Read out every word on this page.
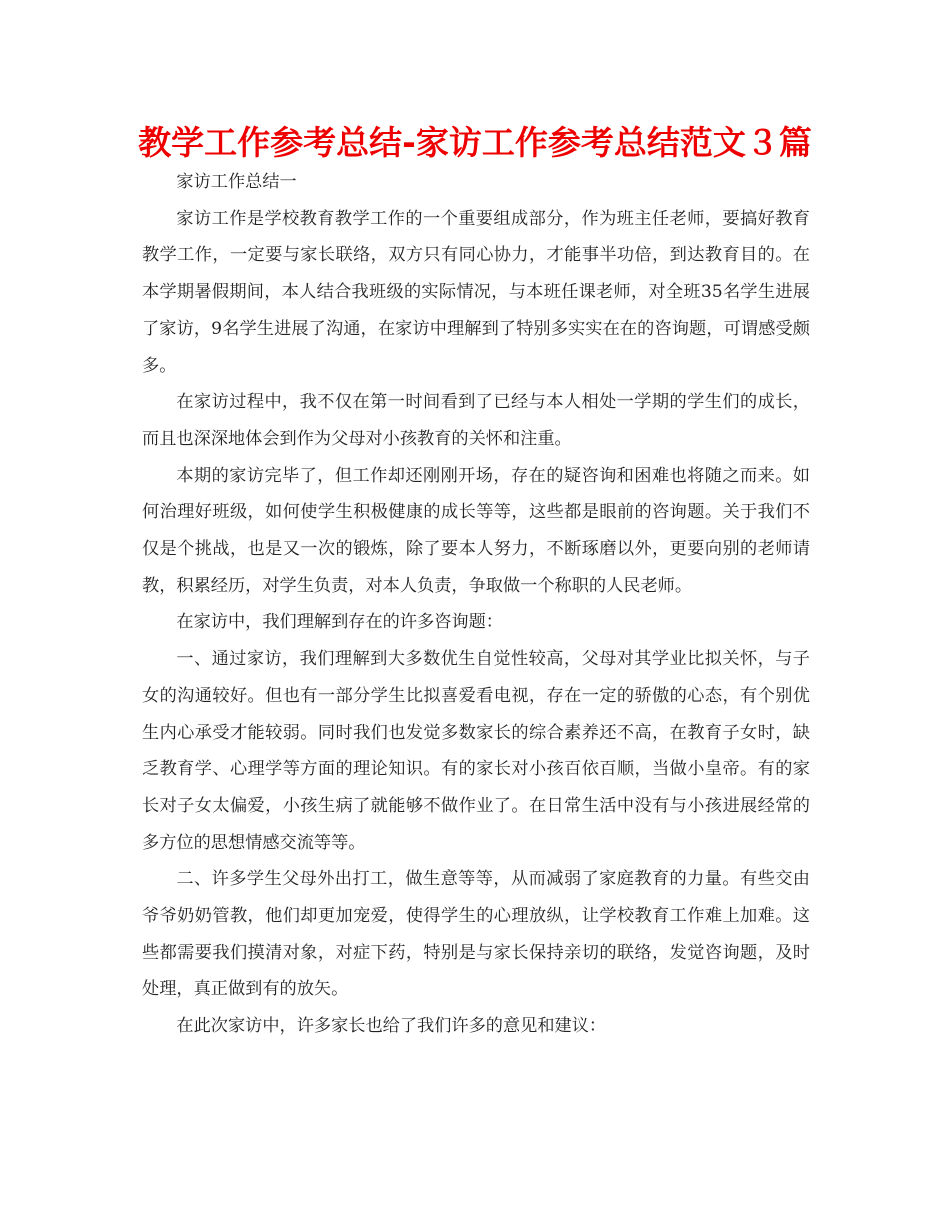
教学工作参考总结-家访工作参考总结范文３篇

家访工作总结一

家访工作是学校教育教学工作的一个重要组成部分，作为班主任老师，要搞好教育教学工作，一定要与家长联络，双方只有同心协力，才能事半功倍，到达教育目的。在本学期暑假期间，本人结合我班级的实际情况，与本班任课老师，对全班35名学生进展了家访，9名学生进展了沟通，在家访中理解到了特别多实实在在的咨询题，可谓感受颇多。

在家访过程中，我不仅在第一时间看到了已经与本人相处一学期的学生们的成长，而且也深深地体会到作为父母对小孩教育的关怀和注重。

本期的家访完毕了，但工作却还刚刚开场，存在的疑咨询和困难也将随之而来。如何治理好班级，如何使学生积极健康的成长等等，这些都是眼前的咨询题。关于我们不仅是个挑战，也是又一次的锻炼，除了要本人努力，不断琢磨以外，更要向别的老师请教，积累经历，对学生负责，对本人负责，争取做一个称职的人民老师。

在家访中，我们理解到存在的许多咨询题：

一、通过家访，我们理解到大多数优生自觉性较高，父母对其学业比拟关怀，与子女的沟通较好。但也有一部分学生比拟喜爱看电视，存在一定的骄傲的心态，有个别优生内心承受才能较弱。同时我们也发觉多数家长的综合素养还不高，在教育子女时，缺乏教育学、心理学等方面的理论知识。有的家长对小孩百依百顺，当做小皇帝。有的家长对子女太偏爱，小孩生病了就能够不做作业了。在日常生活中没有与小孩进展经常的多方位的思想情感交流等等。

二、许多学生父母外出打工，做生意等等，从而减弱了家庭教育的力量。有些交由爷爷奶奶管教，他们却更加宠爱，使得学生的心理放纵，让学校教育工作难上加难。这些都需要我们摸清对象，对症下药，特别是与家长保持亲切的联络，发觉咨询题，及时处理，真正做到有的放矢。

在此次家访中，许多家长也给了我们许多的意见和建议：
